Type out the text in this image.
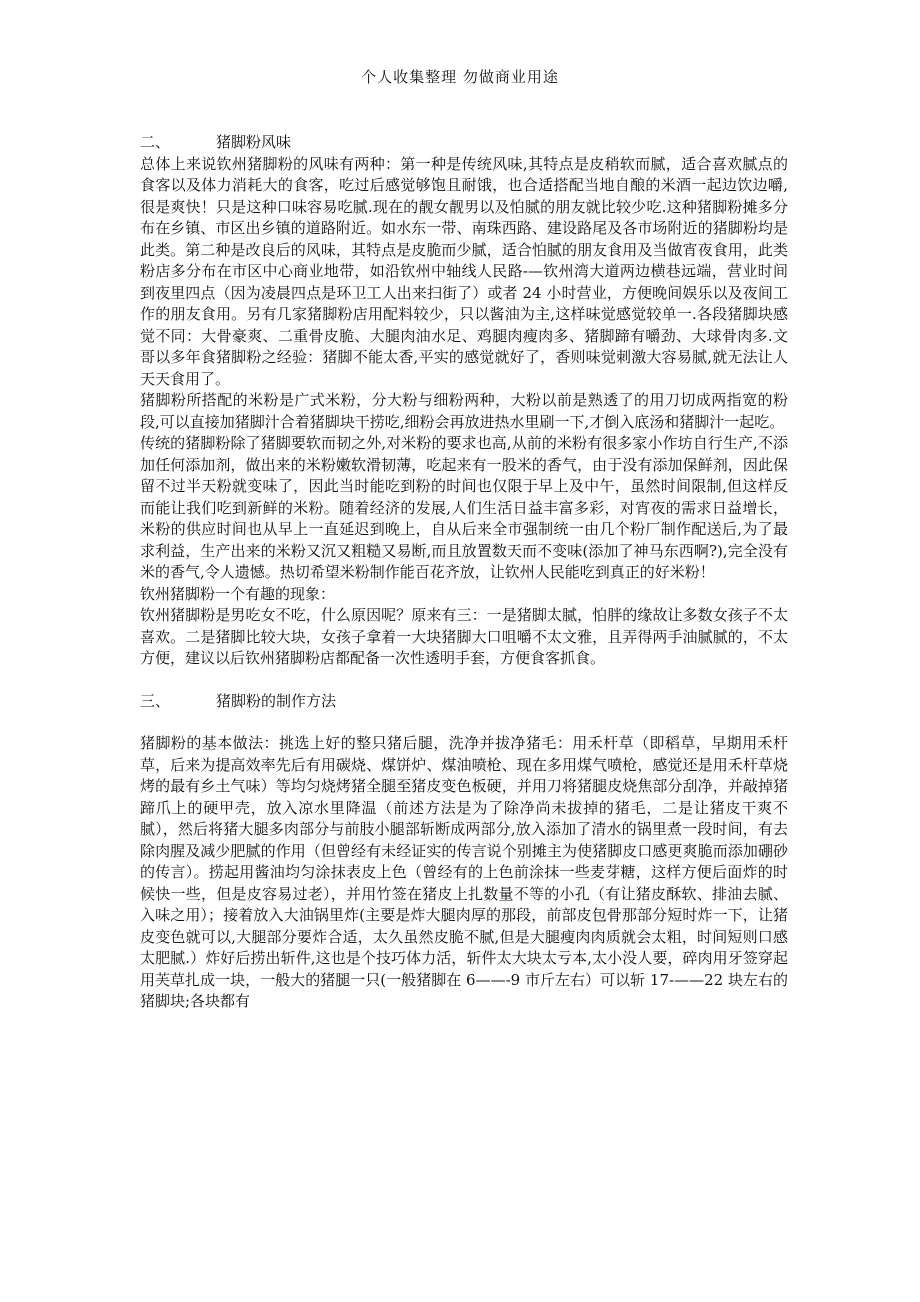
个人收集整理 勿做商业用途

二、	猪脚粉风味

总体上来说钦州猪脚粉的风味有两种：第一种是传统风味,其特点是皮稍软而腻，适合喜欢腻点的食客以及体力消耗大的食客，吃过后感觉够饱且耐饿，也合适搭配当地自酿的米酒一起边饮边嚼,很是爽快！只是这种口味容易吃腻.现在的靓女靓男以及怕腻的朋友就比较少吃.这种猪脚粉摊多分布在乡镇、市区出乡镇的道路附近。如水东一带、南珠西路、建设路尾及各市场附近的猪脚粉均是此类。第二种是改良后的风味，其特点是皮脆而少腻，适合怕腻的朋友食用及当做宵夜食用，此类粉店多分布在市区中心商业地带，如沿钦州中轴线人民路-—钦州湾大道两边横巷远端，营业时间到夜里四点（因为凌晨四点是环卫工人出来扫街了）或者 24 小时营业，方便晚间娱乐以及夜间工作的朋友食用。另有几家猪脚粉店用配料较少，只以酱油为主,这样味觉感觉较单一.各段猪脚块感觉不同：大骨豪爽、二重骨皮脆、大腿肉油水足、鸡腿肉瘦肉多、猪脚蹄有嚼劲、大球骨肉多.文哥以多年食猪脚粉之经验：猪脚不能太香,平实的感觉就好了，香则味觉刺激大容易腻,就无法让人天天食用了。

猪脚粉所搭配的米粉是广式米粉，分大粉与细粉两种，大粉以前是熟透了的用刀切成两指宽的粉段,可以直接加猪脚汁合着猪脚块干捞吃,细粉会再放进热水里刷一下,才倒入底汤和猪脚汁一起吃。

传统的猪脚粉除了猪脚要软而韧之外,对米粉的要求也高,从前的米粉有很多家小作坊自行生产,不添加任何添加剂，做出来的米粉嫩软滑韧薄，吃起来有一股米的香气，由于没有添加保鲜剂，因此保留不过半天粉就变味了，因此当时能吃到粉的时间也仅限于早上及中午，虽然时间限制,但这样反而能让我们吃到新鲜的米粉。随着经济的发展,人们生活日益丰富多彩，对宵夜的需求日益增长，米粉的供应时间也从早上一直延迟到晚上，自从后来全市强制统一由几个粉厂制作配送后,为了最求利益，生产出来的米粉又沉又粗糙又易断,而且放置数天而不变味(添加了神马东西啊?),完全没有米的香气,令人遗憾。热切希望米粉制作能百花齐放，让钦州人民能吃到真正的好米粉！

钦州猪脚粉一个有趣的现象：

钦州猪脚粉是男吃女不吃，什么原因呢？原来有三：一是猪脚太腻，怕胖的缘故让多数女孩子不太喜欢。二是猪脚比较大块，女孩子拿着一大块猪脚大口咀嚼不太文雅，且弄得两手油腻腻的，不太方便，建议以后钦州猪脚粉店都配备一次性透明手套，方便食客抓食。

三、	猪脚粉的制作方法

猪脚粉的基本做法：挑选上好的整只猪后腿，洗净并拔净猪毛：用禾杆草（即稻草，早期用禾杆草，后来为提高效率先后有用碳烧、煤饼炉、煤油喷枪、现在多用煤气喷枪，感觉还是用禾杆草烧烤的最有乡土气味）等均匀烧烤猪全腿至猪皮变色板硬，并用刀将猪腿皮烧焦部分刮净，并敲掉猪蹄爪上的硬甲壳，放入凉水里降温（前述方法是为了除净尚未拔掉的猪毛，二是让猪皮干爽不腻），然后将猪大腿多肉部分与前肢小腿部斩断成两部分,放入添加了清水的锅里煮一段时间，有去除肉腥及减少肥腻的作用（但曾经有未经证实的传言说个别摊主为使猪脚皮口感更爽脆而添加硼砂的传言）。捞起用酱油均匀涂抹表皮上色（曾经有的上色前涂抹一些麦芽糖，这样方便后面炸的时候快一些，但是皮容易过老），并用竹签在猪皮上扎数量不等的小孔（有让猪皮酥软、排油去腻、入味之用）；接着放入大油锅里炸(主要是炸大腿肉厚的那段，前部皮包骨那部分短时炸一下，让猪皮变色就可以,大腿部分要炸合适，太久虽然皮脆不腻,但是大腿瘦肉肉质就会太粗，时间短则口感太肥腻.）炸好后捞出斩件,这也是个技巧体力活，斩件太大块太亏本,太小没人要，碎肉用牙签穿起用芙草扎成一块，一般大的猪腿一只(一般猪脚在 6——-9 市斤左右）可以斩 17-——22 块左右的猪脚块;各块都有
